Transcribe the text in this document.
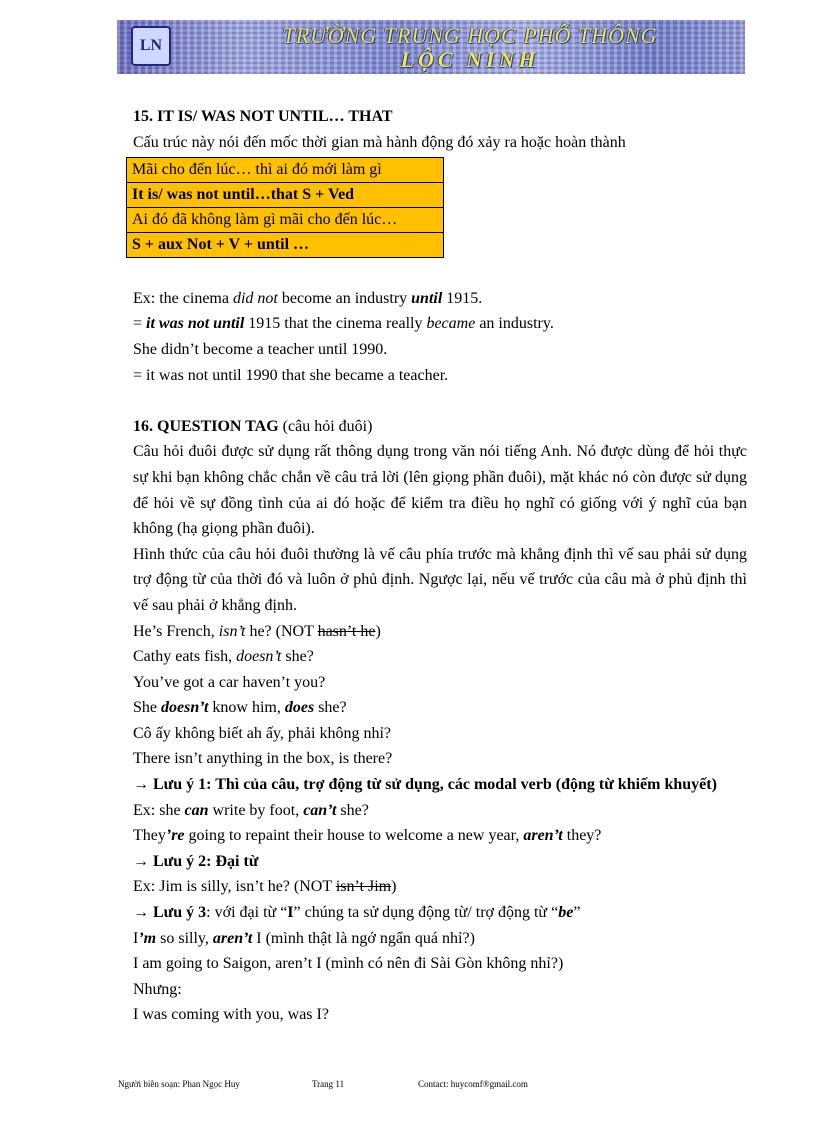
LN	TRƯỜNG TRUNG HỌC PHỔ THÔNG
LỘC NINH

15. IT IS/ WAS NOT UNTIL… THAT

Cấu trúc này nói đến mốc thời gian mà hành động đó xảy ra hoặc hoàn thành

Mãi cho đến lúc… thì ai đó mới làm gì
It is/ was not until…that S + Ved
Ai đó đã không làm gì mãi cho đến lúc…
S + aux Not + V + until …

Ex: the cinema did not become an industry until 1915.

= it was not until 1915 that the cinema really became an industry.

She didn’t become a teacher until 1990.

= it was not until 1990 that she became a teacher.

16. QUESTION TAG (câu hỏi đuôi)

Câu hỏi đuôi được sử dụng rất thông dụng trong văn nói tiếng Anh. Nó được dùng để hỏi thực sự khi bạn không chắc chắn về câu trả lời (lên giọng phần đuôi), mặt khác nó còn được sử dụng để hỏi về sự đồng tình của ai đó hoặc để kiểm tra điều họ nghĩ có giống với ý nghĩ của bạn không (hạ giọng phần đuôi).

Hình thức của câu hỏi đuôi thường là vế câu phía trước mà khẳng định thì vế sau phải sử dụng trợ động từ của thời đó và luôn ở phủ định. Ngược lại, nếu vế trước của câu mà ở phủ định thì vế sau phải ở khẳng định.

He’s French, isn’t he? (NOT hasn’t he)

Cathy eats fish, doesn’t she?

You’ve got a car haven’t you?

She doesn’t know him, does she?

Cô ấy không biết ah ấy, phải không nhỉ?

There isn’t anything in the box, is there?

→ Lưu ý 1: Thì của câu, trợ động từ sử dụng, các modal verb (động từ khiếm khuyết)

Ex: she can write by foot, can’t she?

They’re going to repaint their house to welcome a new year, aren’t they?

→ Lưu ý 2: Đại từ

Ex: Jim is silly, isn’t he? (NOT isn’t Jim)

→ Lưu ý 3: với đại từ “I” chúng ta sử dụng động từ/ trợ động từ “be”

I’m so silly, aren’t I (mình thật là ngớ ngẩn quá nhỉ?)

I am going to Saigon, aren’t I (mình có nên đi Sài Gòn không nhỉ?)

Nhưng:

I was coming with you, was I?

Người biên soạn: Phan Ngọc Huy	Trang 11	Contact: huycomf®gmail.com
